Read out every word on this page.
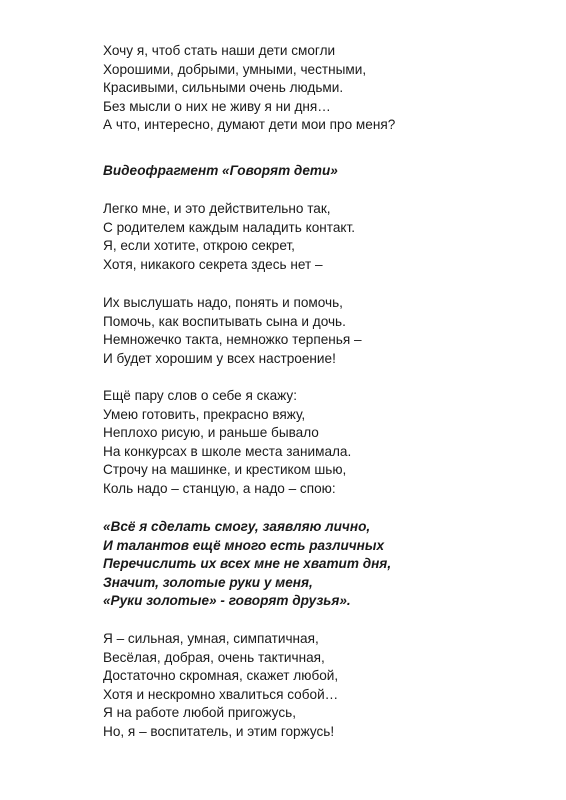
Хочу я, чтоб стать наши дети смогли
Хорошими, добрыми, умными, честными,
Красивыми, сильными очень людьми.
Без мысли о них не живу я ни дня…
А что, интересно, думают дети мои про меня?
Видеофрагмент «Говорят дети»
Легко мне, и это действительно так,
С родителем каждым наладить контакт.
Я, если хотите, открою секрет,
Хотя, никакого секрета здесь нет –
Их выслушать надо, понять и помочь,
Помочь, как воспитывать сына и дочь.
Немножечко такта, немножко терпенья –
И будет хорошим у всех настроение!
Ещё пару слов о себе я скажу:
Умею готовить, прекрасно вяжу,
Неплохо рисую, и раньше бывало
На конкурсах в школе места занимала.
Строчу на машинке, и крестиком шью,
Коль надо – станцую, а надо – спою:
«Всё я сделать смогу, заявляю лично,
И талантов ещё много есть различных
Перечислить их всех мне не хватит дня,
Значит, золотые руки у меня,
«Руки золотые» - говорят друзья».
Я – сильная, умная, симпатичная,
Весёлая, добрая, очень тактичная,
Достаточно скромная, скажет любой,
Хотя и нескромно хвалиться собой…
Я на работе любой пригожусь,
Но, я – воспитатель, и этим горжусь!
